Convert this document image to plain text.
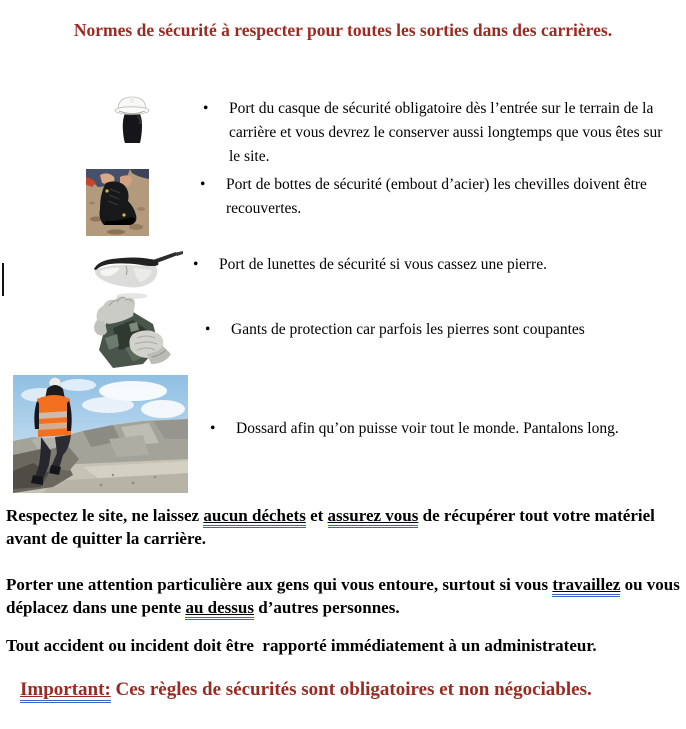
Normes de sécurité à respecter pour toutes les sorties dans des carrières.
•	Port du casque de sécurité obligatoire dès l’entrée sur le terrain de la carrière et vous devrez le conserver aussi longtemps que vous êtes sur le site.
•	Port de bottes de sécurité (embout d’acier) les chevilles doivent être recouvertes.
•	Port de lunettes de sécurité si vous cassez une pierre.
•	Gants de protection car parfois les pierres sont coupantes
•	Dossard afin qu’on puisse voir tout le monde. Pantalons long.

Respectez le site, ne laissez aucun déchets et assurez vous de récupérer tout votre matériel avant de quitter la carrière.

Porter une attention particulière aux gens qui vous entoure, surtout si vous travaillez ou vous déplacez dans une pente au dessus d’autres personnes.

Tout accident ou incident doit être  rapporté immédiatement à un administrateur.

Important: Ces règles de sécurités sont obligatoires et non négociables.
